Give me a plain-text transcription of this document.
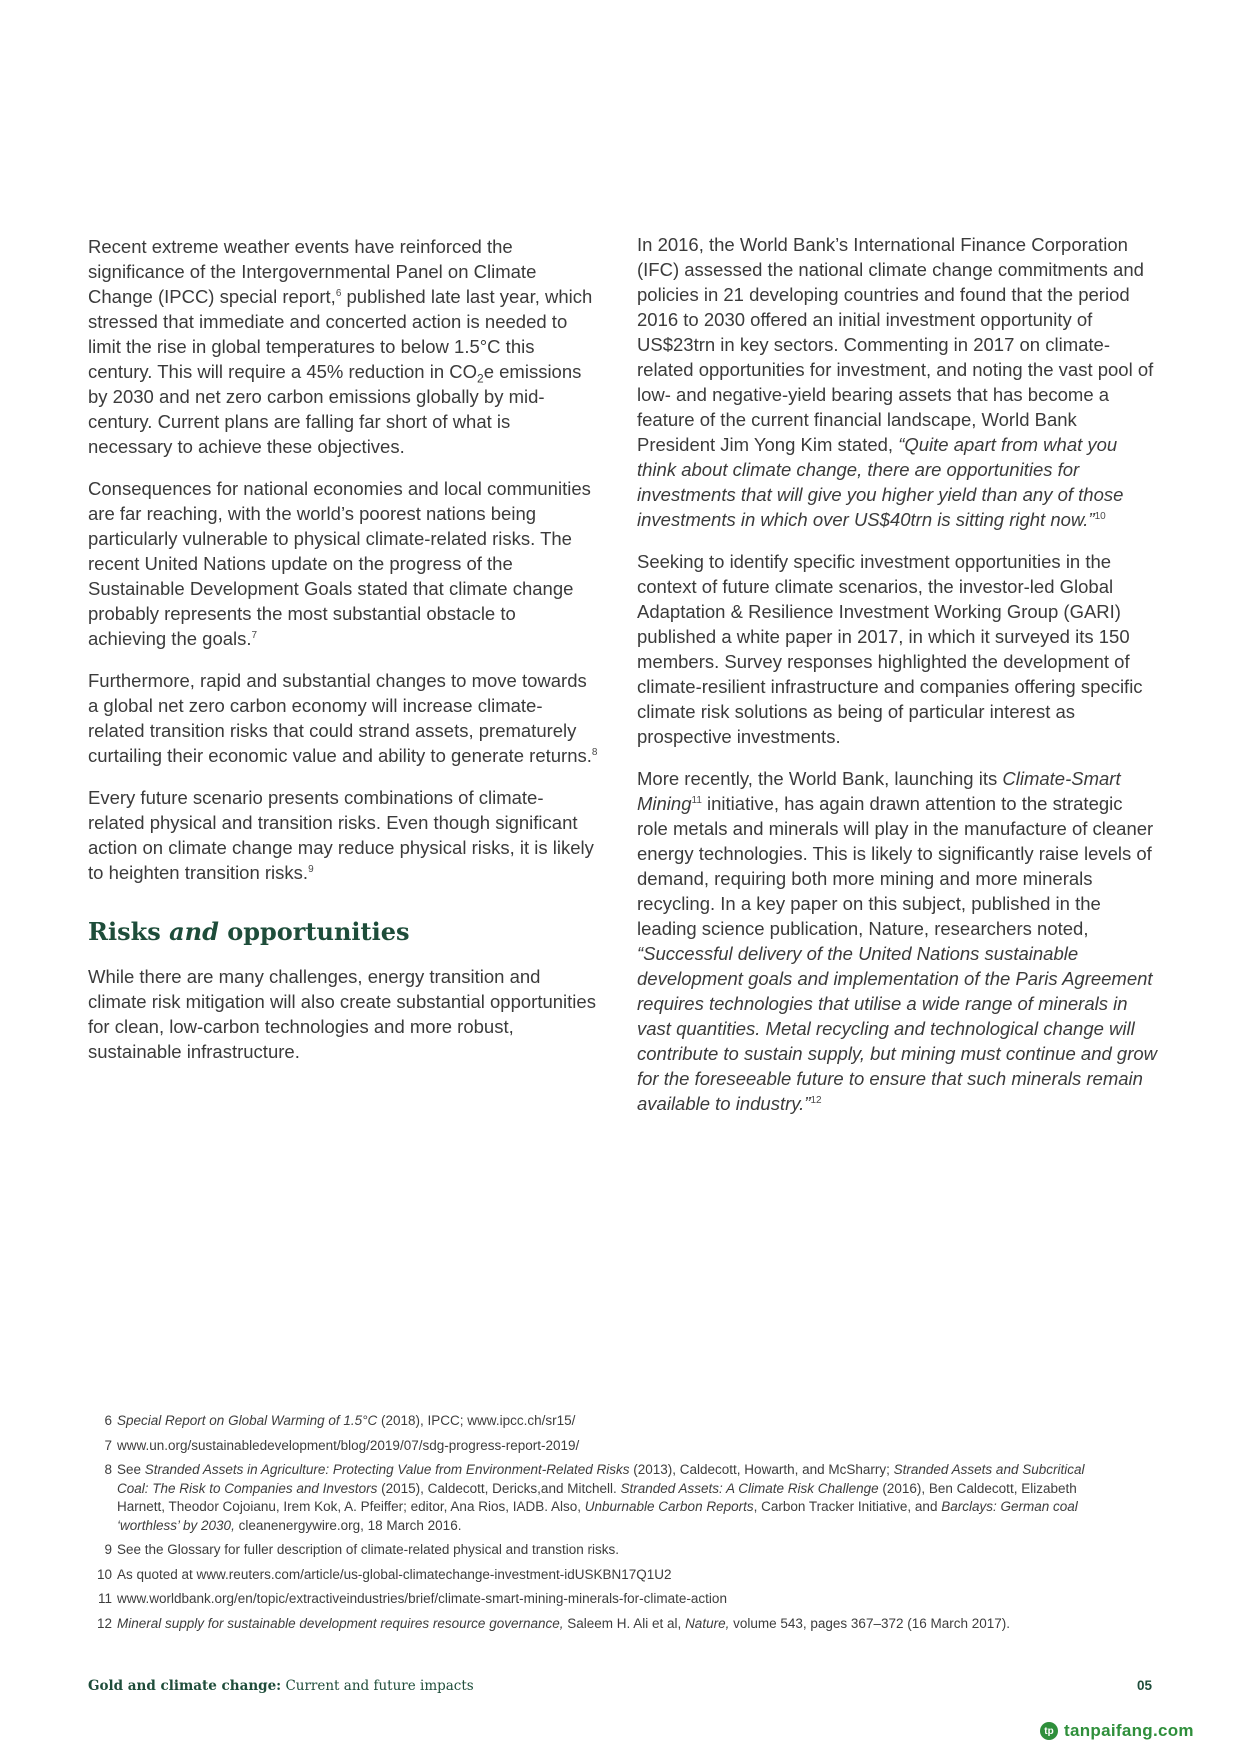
Recent extreme weather events have reinforced the significance of the Intergovernmental Panel on Climate Change (IPCC) special report,$^6$ published late last year, which stressed that immediate and concerted action is needed to limit the rise in global temperatures to below 1.5°C this century. This will require a 45% reduction in $CO_2e$ emissions by 2030 and net zero carbon emissions globally by mid-century. Current plans are falling far short of what is necessary to achieve these objectives.

Consequences for national economies and local communities are far reaching, with the world’s poorest nations being particularly vulnerable to physical climate-related risks. The recent United Nations update on the progress of the Sustainable Development Goals stated that climate change probably represents the most substantial obstacle to achieving the goals.$^7$

Furthermore, rapid and substantial changes to move towards a global net zero carbon economy will increase climate-related transition risks that could strand assets, prematurely curtailing their economic value and ability to generate returns.$^8$

Every future scenario presents combinations of climate-related physical and transition risks. Even though significant action on climate change may reduce physical risks, it is likely to heighten transition risks.$^9$

Risks and opportunities

While there are many challenges, energy transition and climate risk mitigation will also create substantial opportunities for clean, low-carbon technologies and more robust, sustainable infrastructure.

In 2016, the World Bank’s International Finance Corporation (IFC) assessed the national climate change commitments and policies in 21 developing countries and found that the period 2016 to 2030 offered an initial investment opportunity of US$23trn in key sectors. Commenting in 2017 on climate-related opportunities for investment, and noting the vast pool of low- and negative-yield bearing assets that has become a feature of the current financial landscape, World Bank President Jim Yong Kim stated, “Quite apart from what you think about climate change, there are opportunities for investments that will give you higher yield than any of those investments in which over US$40trn is sitting right now.”$^{10}$

Seeking to identify specific investment opportunities in the context of future climate scenarios, the investor-led Global Adaptation & Resilience Investment Working Group (GARI) published a white paper in 2017, in which it surveyed its 150 members. Survey responses highlighted the development of climate-resilient infrastructure and companies offering specific climate risk solutions as being of particular interest as prospective investments.

More recently, the World Bank, launching its Climate-Smart Mining$^{11}$ initiative, has again drawn attention to the strategic role metals and minerals will play in the manufacture of cleaner energy technologies. This is likely to significantly raise levels of demand, requiring both more mining and more minerals recycling. In a key paper on this subject, published in the leading science publication, Nature, researchers noted, “Successful delivery of the United Nations sustainable development goals and implementation of the Paris Agreement requires technologies that utilise a wide range of minerals in vast quantities. Metal recycling and technological change will contribute to sustain supply, but mining must continue and grow for the foreseeable future to ensure that such minerals remain available to industry.”$^{12}$

6 Special Report on Global Warming of 1.5°C (2018), IPCC; www.ipcc.ch/sr15/
7 www.un.org/sustainabledevelopment/blog/2019/07/sdg-progress-report-2019/
8 See Stranded Assets in Agriculture: Protecting Value from Environment-Related Risks (2013), Caldecott, Howarth, and McSharry; Stranded Assets and Subcritical Coal: The Risk to Companies and Investors (2015), Caldecott, Dericks,and Mitchell. Stranded Assets: A Climate Risk Challenge (2016), Ben Caldecott, Elizabeth Harnett, Theodor Cojoianu, Irem Kok, A. Pfeiffer; editor, Ana Rios, IADB. Also, Unburnable Carbon Reports, Carbon Tracker Initiative, and Barclays: German coal ‘worthless’ by 2030, cleanenergywire.org, 18 March 2016.
9 See the Glossary for fuller description of climate-related physical and transtion risks.
10 As quoted at www.reuters.com/article/us-global-climatechange-investment-idUSKBN17Q1U2
11 www.worldbank.org/en/topic/extractiveindustries/brief/climate-smart-mining-minerals-for-climate-action
12 Mineral supply for sustainable development requires resource governance, Saleem H. Ali et al, Nature, volume 543, pages 367–372 (16 March 2017).
Gold and climate change: Current and future impacts	05
tp tanpaifang.com
